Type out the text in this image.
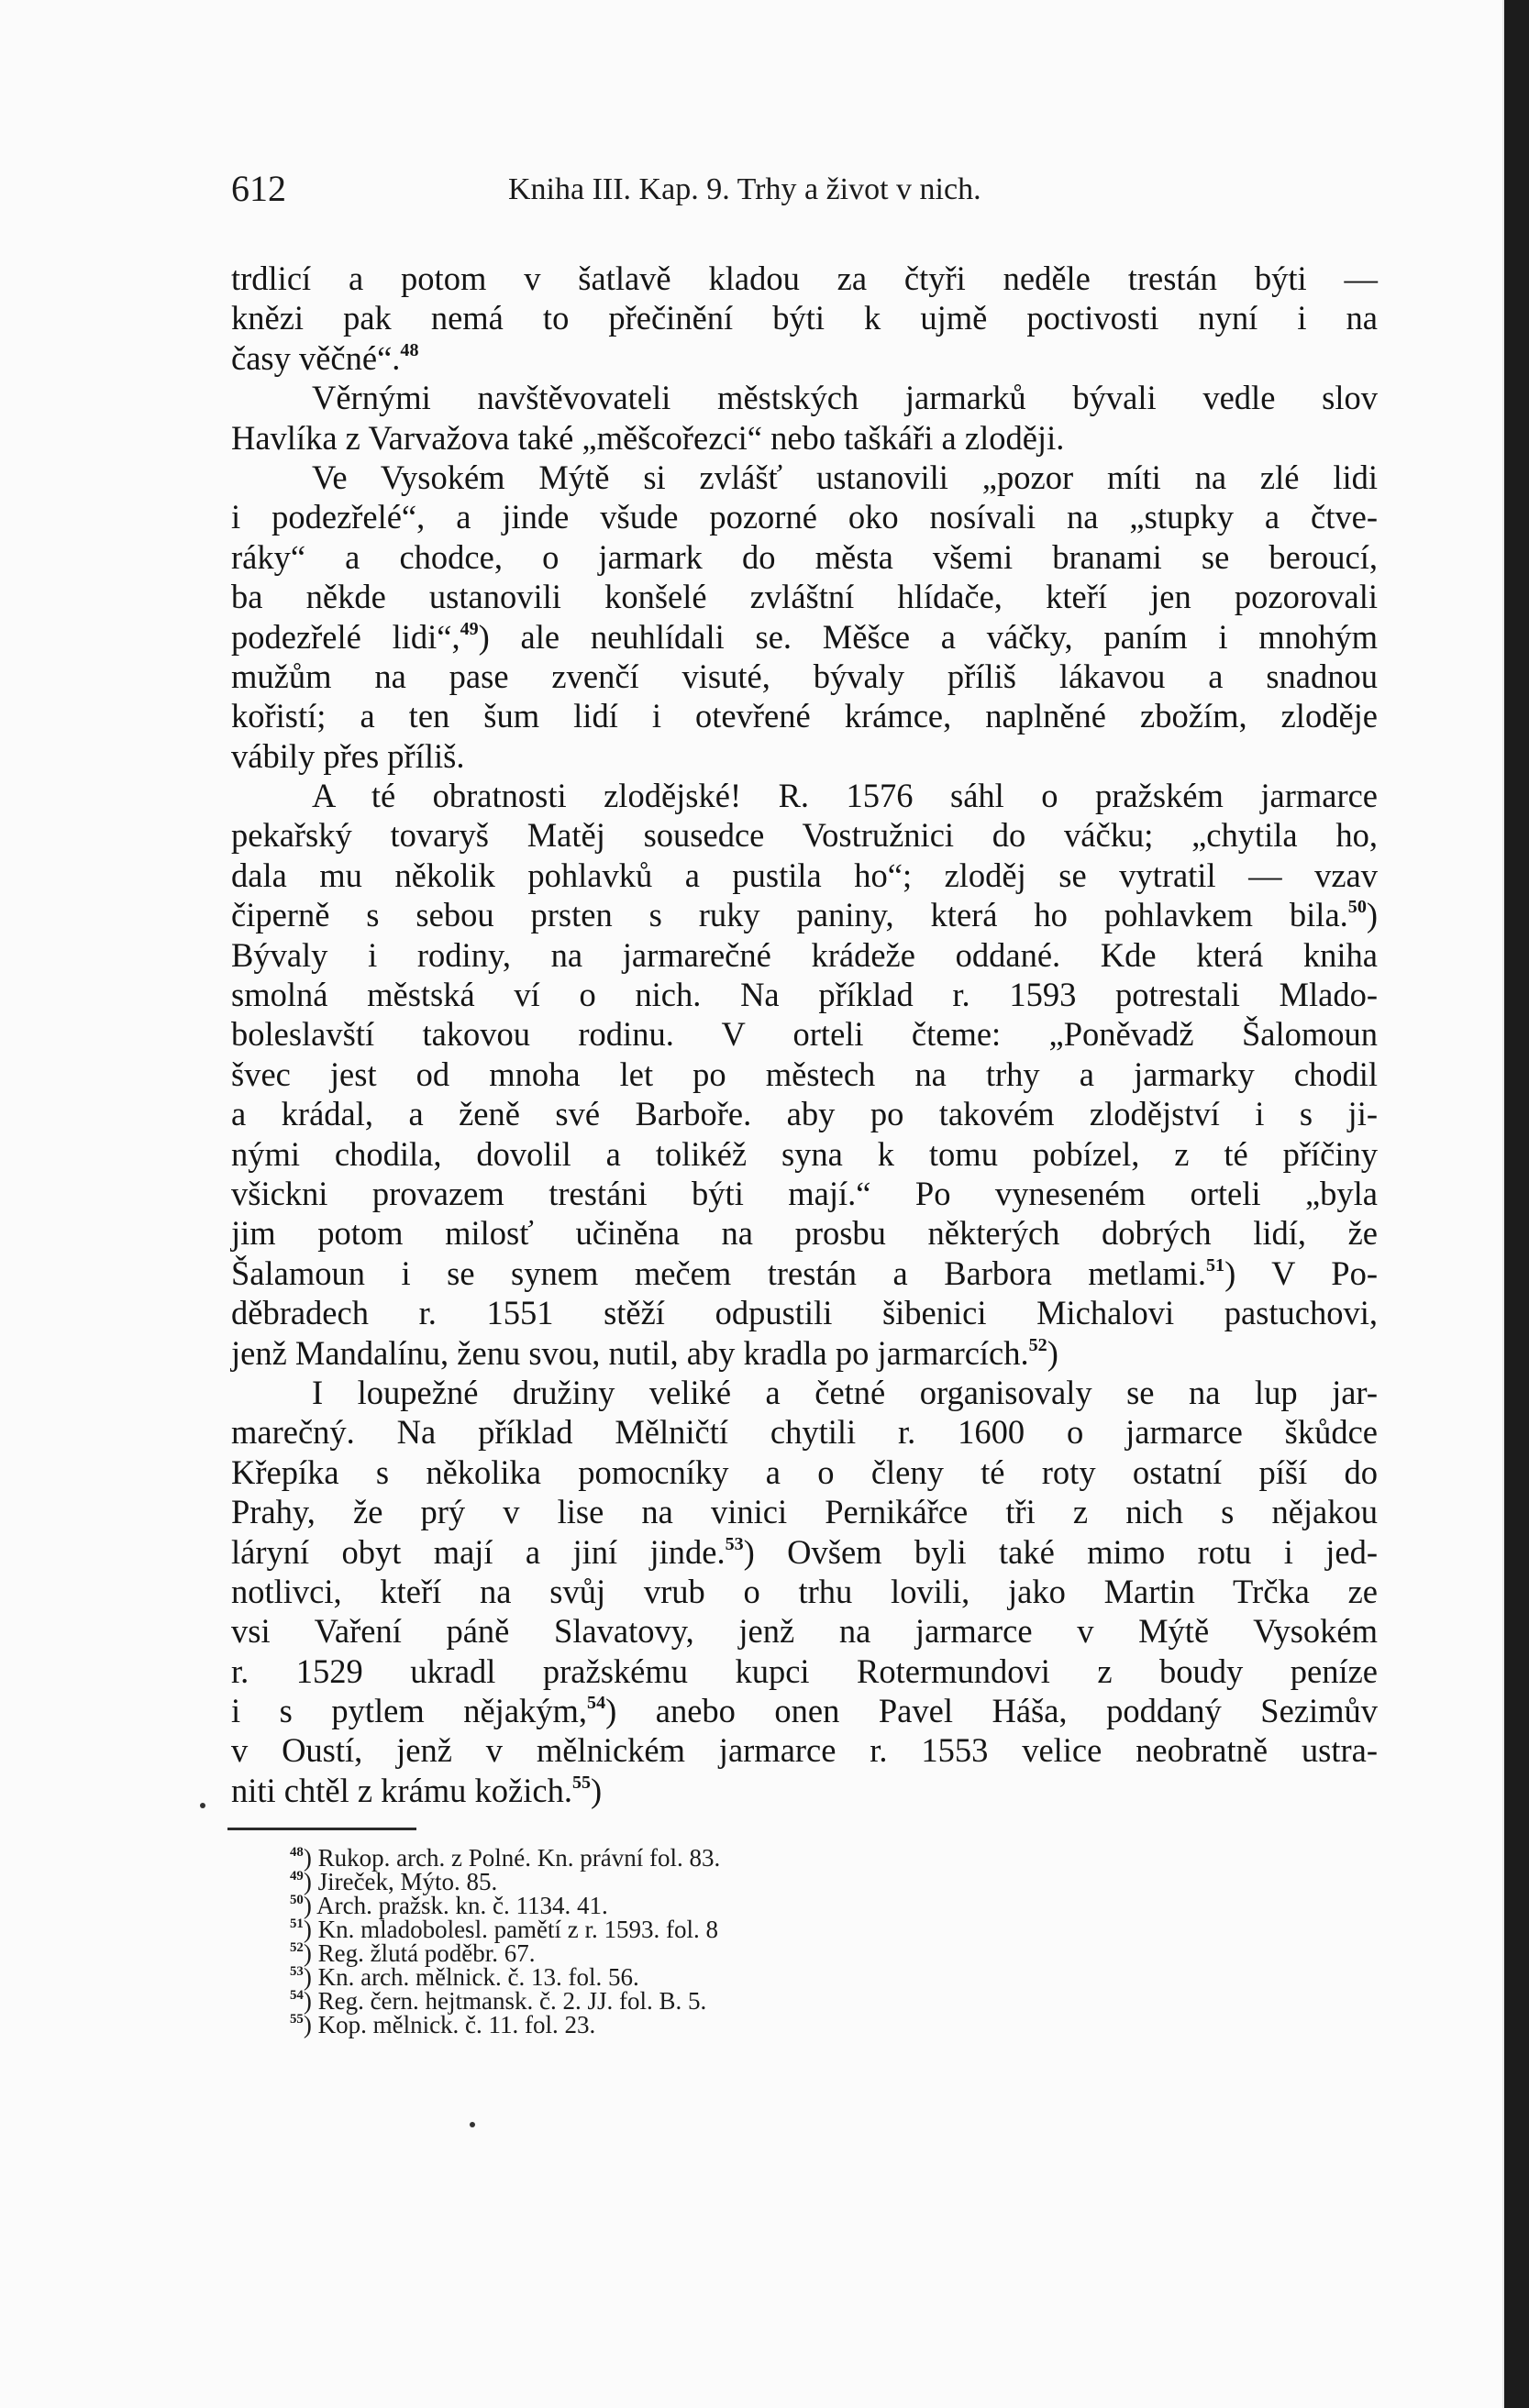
612	Kniha III. Kap. 9. Trhy a život v nich.
trdlicí a potom v šatlavě kladou za čtyři neděle trestán býti —
knězi pak nemá to přečinění býti k ujmě poctivosti nyní i na
časy věčné“.$^{48}$
Věrnými navštěvovateli městských jarmarků bývali vedle slov
Havlíka z Varvažova také „měšcořezci“ nebo taškáři a zloději.
Ve Vysokém Mýtě si zvlášť ustanovili „pozor míti na zlé lidi
i podezřelé“, a jinde všude pozorné oko nosívali na „stupky a čtve-
ráky“ a chodce, o jarmark do města všemi branami se beroucí,
ba někde ustanovili konšelé zvláštní hlídače, kteří jen pozorovali
podezřelé lidi“,$^{49}$) ale neuhlídali se. Měšce a váčky, paním i mnohým
mužům na pase zvenčí visuté, bývaly příliš lákavou a snadnou
kořistí; a ten šum lidí i otevřené krámce, naplněné zbožím, zloděje
vábily přes příliš.
A té obratnosti zlodějské! R. 1576 sáhl o pražském jarmarce
pekařský tovaryš Matěj sousedce Vostružnici do váčku; „chytila ho,
dala mu několik pohlavků a pustila ho“; zloděj se vytratil — vzav
čiperně s sebou prsten s ruky paniny, která ho pohlavkem bila.$^{50}$)
Bývaly i rodiny, na jarmarečné krádeže oddané. Kde která kniha
smolná městská ví o nich. Na příklad r. 1593 potrestali Mlado-
boleslavští takovou rodinu. V orteli čteme: „Poněvadž Šalomoun
švec jest od mnoha let po městech na trhy a jarmarky chodil
a krádal, a ženě své Barboře. aby po takovém zlodějství i s ji-
nými chodila, dovolil a tolikéž syna k tomu pobízel, z té příčiny
všickni provazem trestáni býti mají.“ Po vyneseném orteli „byla
jim potom milosť učiněna na prosbu některých dobrých lidí, že
Šalamoun i se synem mečem trestán a Barbora metlami.$^{51}$) V Po-
děbradech r. 1551 stěží odpustili šibenici Michalovi pastuchovi,
jenž Mandalínu, ženu svou, nutil, aby kradla po jarmarcích.$^{52}$)
I loupežné družiny veliké a četné organisovaly se na lup jar-
marečný. Na příklad Mělničtí chytili r. 1600 o jarmarce škůdce
Křepíka s několika pomocníky a o členy té roty ostatní píší do
Prahy, že prý v lise na vinici Pernikářce tři z nich s nějakou
láryní obyt mají a jiní jinde.$^{53}$) Ovšem byli také mimo rotu i jed-
notlivci, kteří na svůj vrub o trhu lovili, jako Martin Trčka ze
vsi Vaření páně Slavatovy, jenž na jarmarce v Mýtě Vysokém
r. 1529 ukradl pražskému kupci Rotermundovi z boudy peníze
i s pytlem nějakým,$^{54}$) anebo onen Pavel Háša, poddaný Sezimův
v Oustí, jenž v mělnickém jarmarce r. 1553 velice neobratně ustra-
niti chtěl z krámu kožich.$^{55}$)
$^{48}$) Rukop. arch. z Polné. Kn. právní fol. 83.
$^{49}$) Jireček, Mýto. 85.
$^{50}$) Arch. pražsk. kn. č. 1134. 41.
$^{51}$) Kn. mladobolesl. pamětí z r. 1593. fol. 8
$^{52}$) Reg. žlutá poděbr. 67.
$^{53}$) Kn. arch. mělnick. č. 13. fol. 56.
$^{54}$) Reg. čern. hejtmansk. č. 2. JJ. fol. B. 5.
$^{55}$) Kop. mělnick. č. 11. fol. 23.
